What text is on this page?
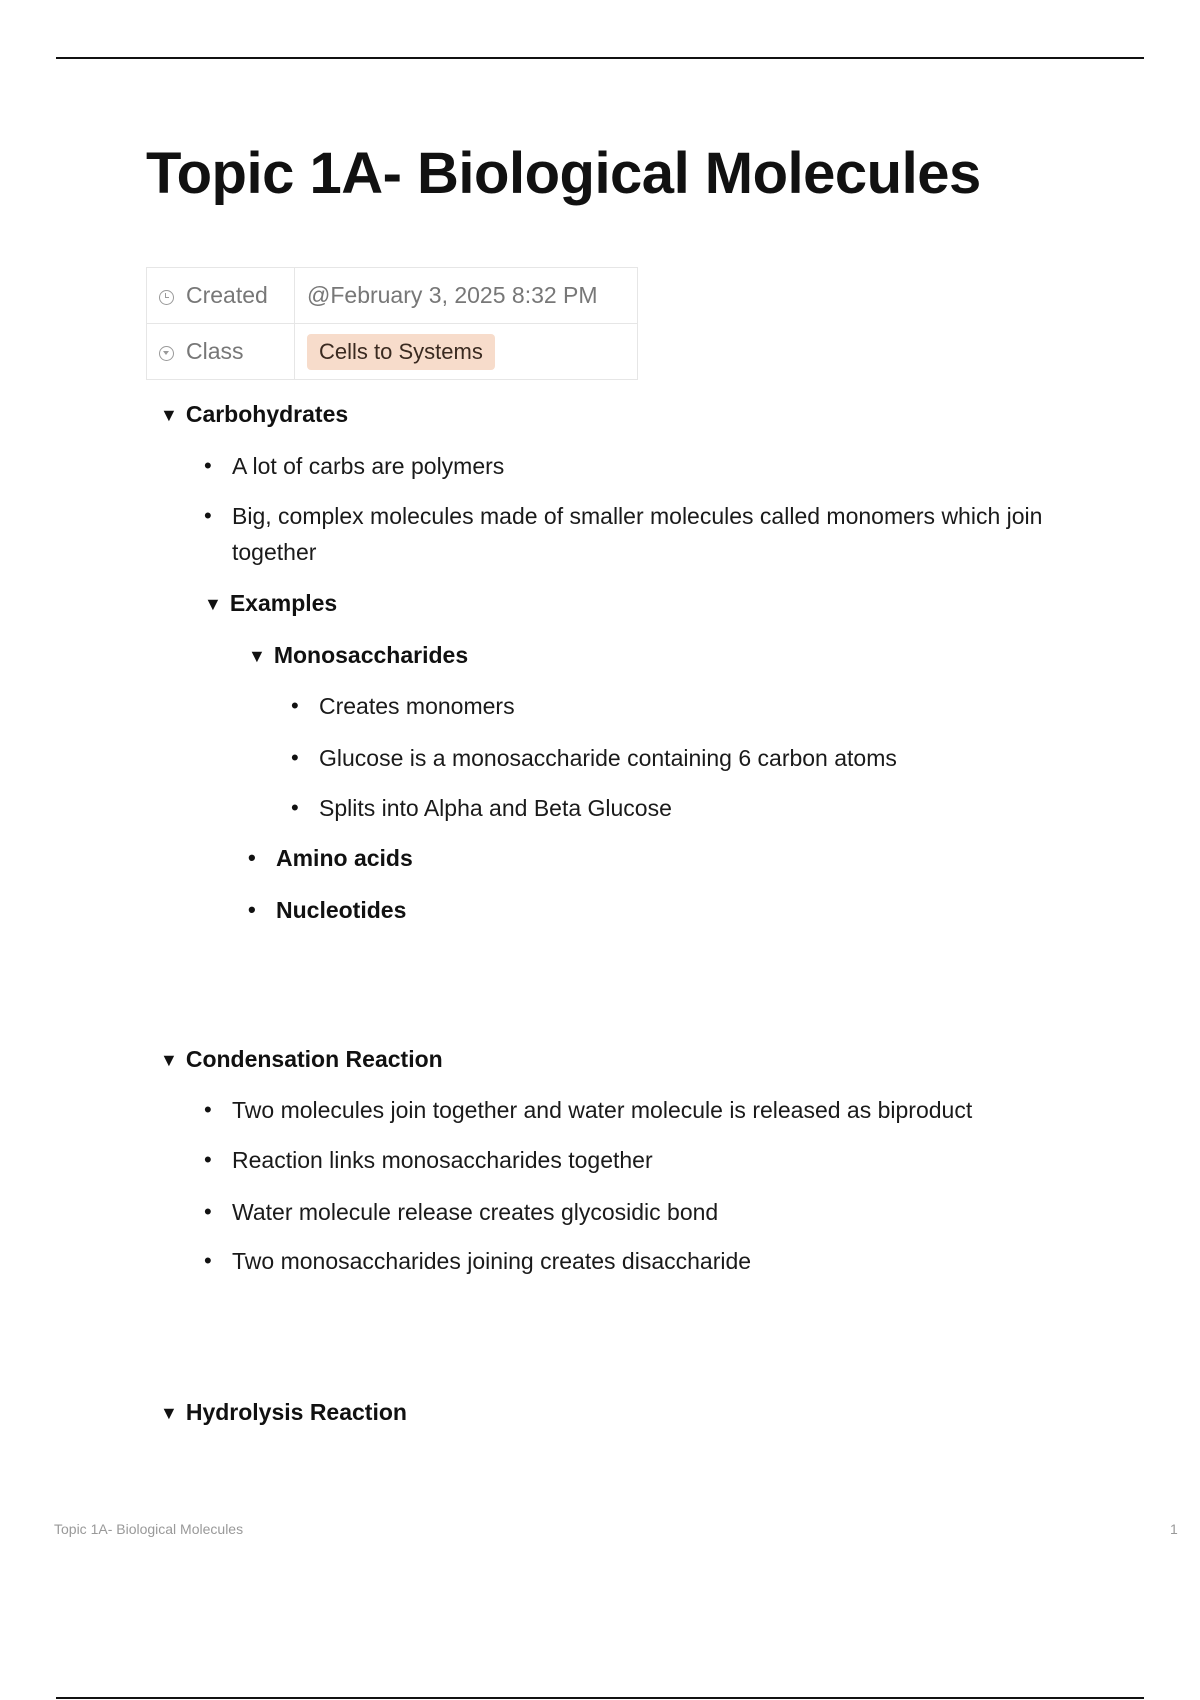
Topic 1A- Biological Molecules
Created	@February 3, 2025 8:32 PM
Class	Cells to Systems
▼ Carbohydrates
• A lot of carbs are polymers
• Big, complex molecules made of smaller molecules called monomers which join together
▼ Examples
▼ Monosaccharides
• Creates monomers
• Glucose is a monosaccharide containing 6 carbon atoms
• Splits into Alpha and Beta Glucose
• Amino acids
• Nucleotides
▼ Condensation Reaction
• Two molecules join together and water molecule is released as biproduct
• Reaction links monosaccharides together
• Water molecule release creates glycosidic bond
• Two monosaccharides joining creates disaccharide
▼ Hydrolysis Reaction
Topic 1A- Biological Molecules	1
